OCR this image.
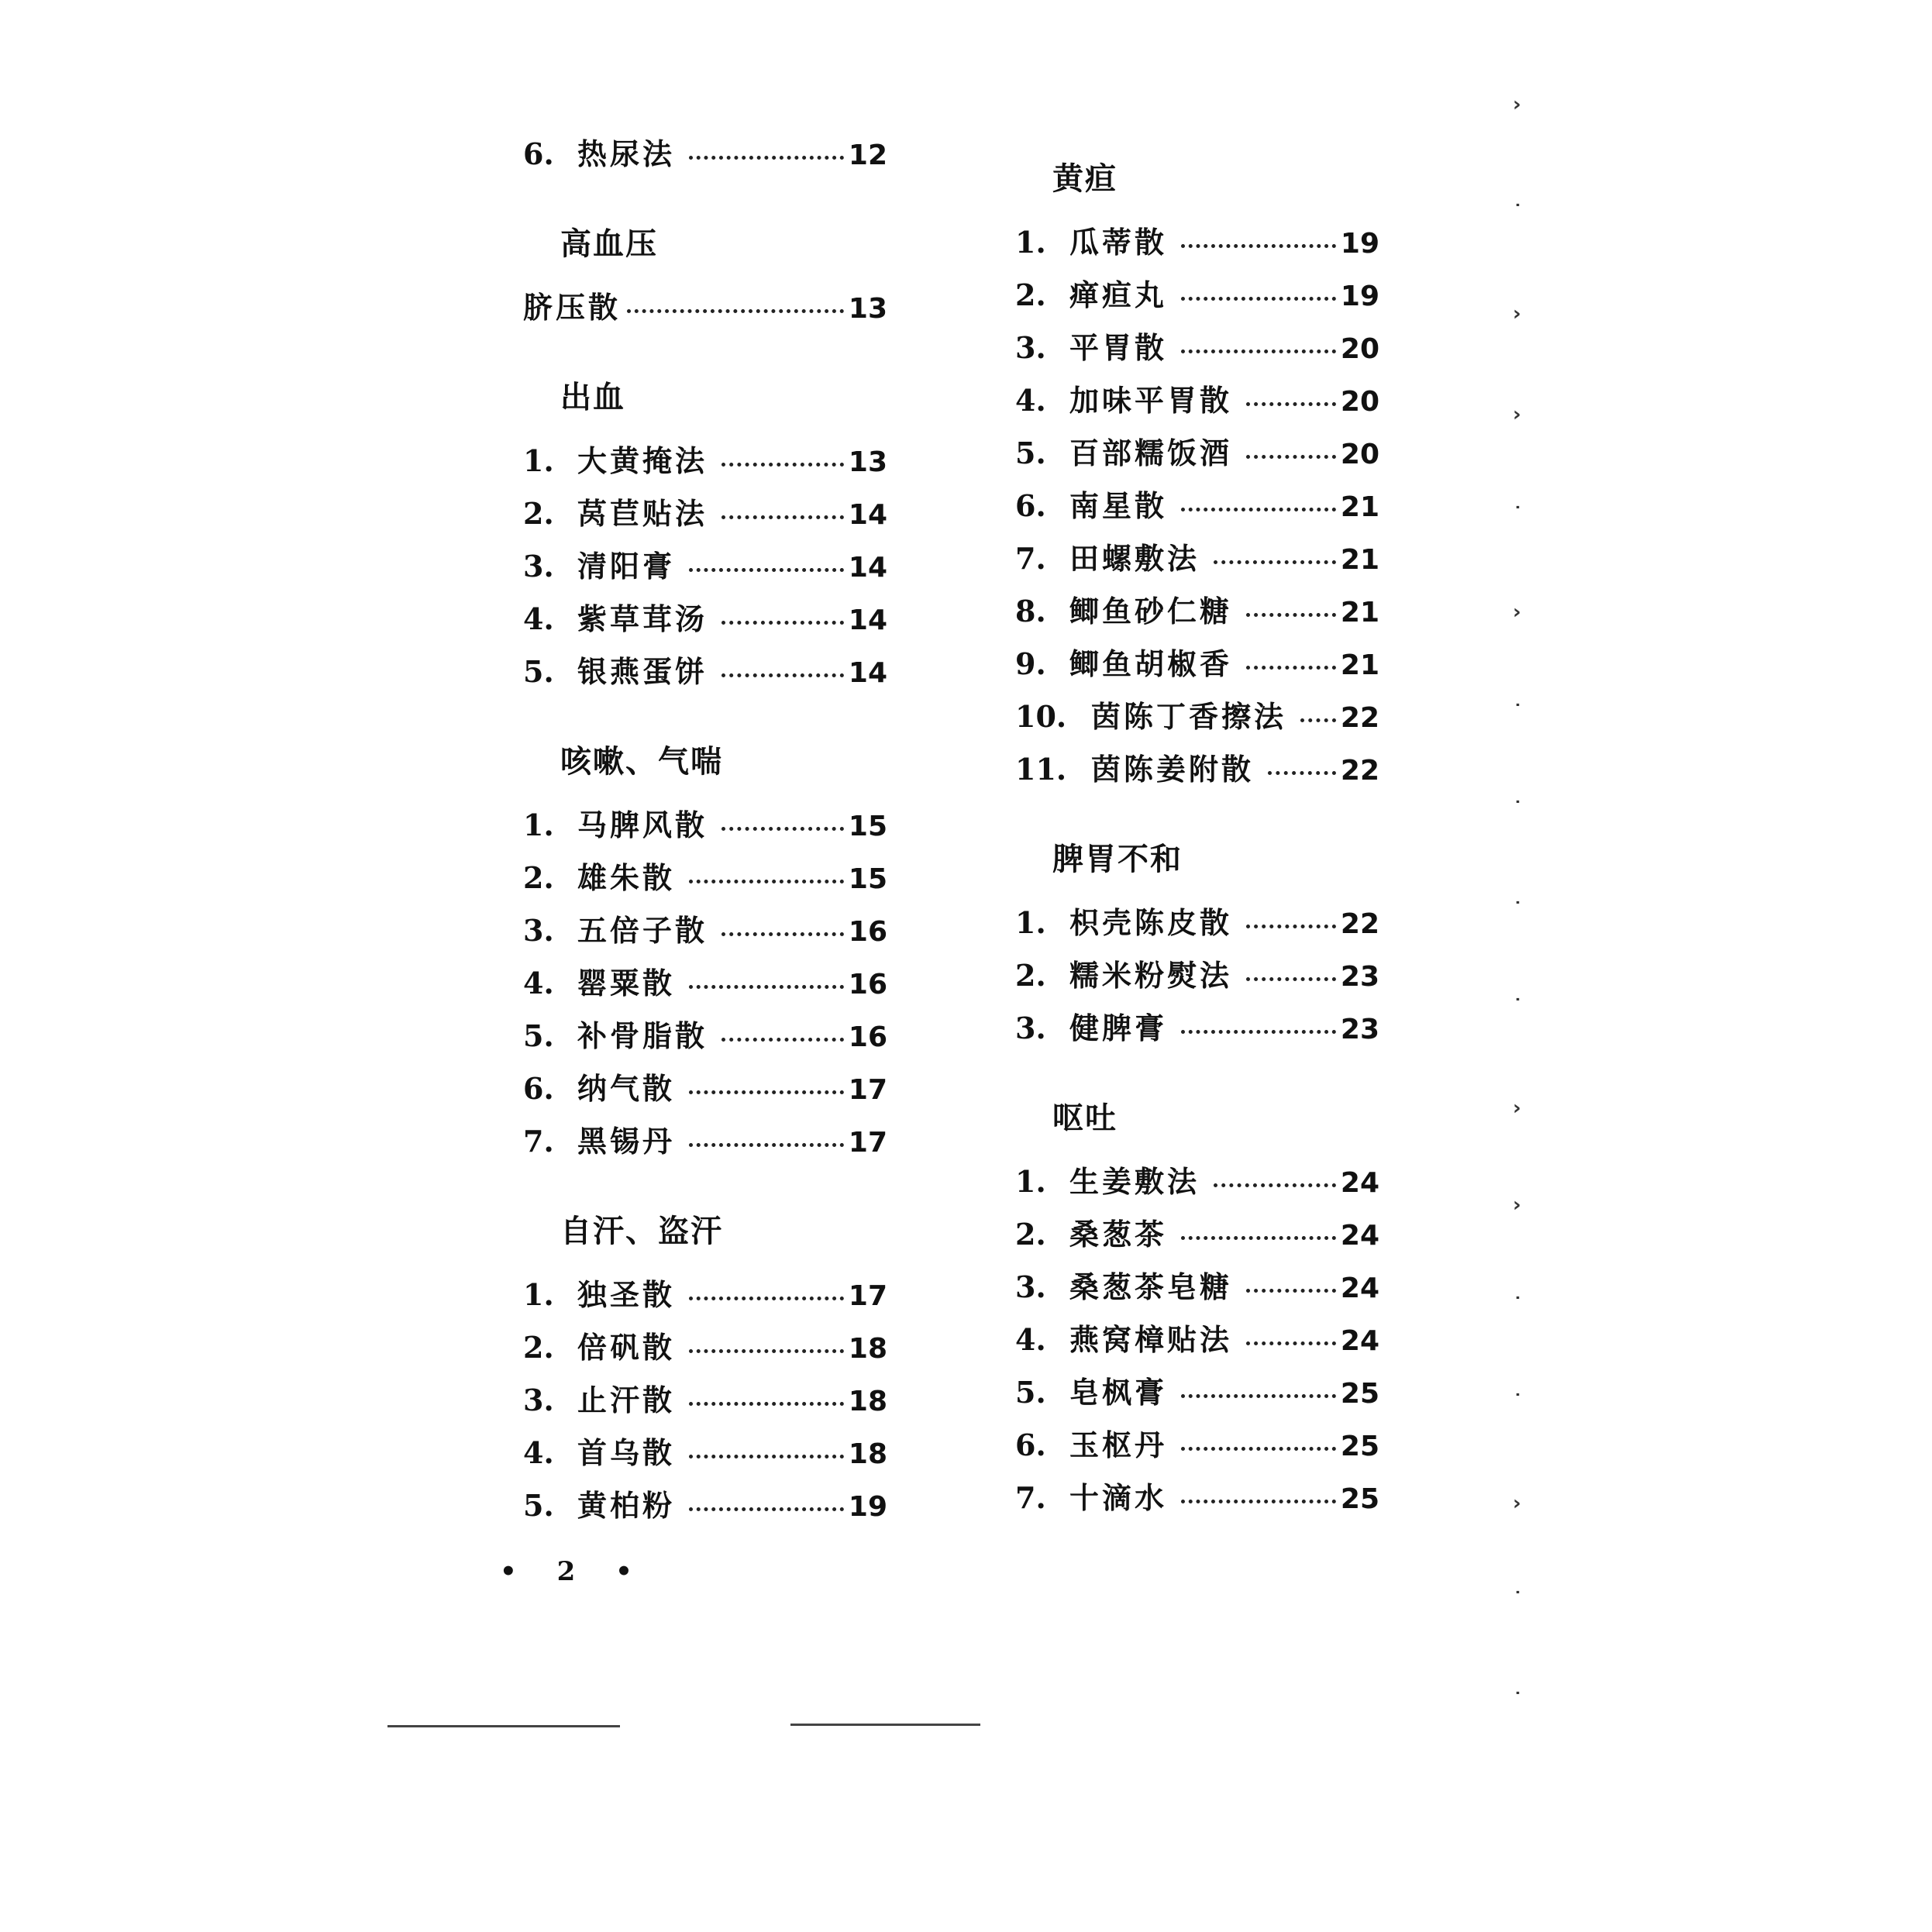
6. 热尿法	12
高血压
脐压散	13
出血
1. 大黄掩法	13
2. 莴苣贴法	14
3. 清阳膏	14
4. 紫草茸汤	14
5. 银燕蛋饼	14
咳嗽、气喘
1. 马脾风散	15
2. 雄朱散	15
3. 五倍子散	16
4. 罂粟散	16
5. 补骨脂散	16
6. 纳气散	17
7. 黑锡丹	17
自汗、盗汗
1. 独圣散	17
2. 倍矾散	18
3. 止汗散	18
4. 首乌散	18
5. 黄柏粉	19
黄疸
1. 瓜蒂散	19
2. 瘅疸丸	19
3. 平胃散	20
4. 加味平胃散	20
5. 百部糯饭酒	20
6. 南星散	21
7. 田螺敷法	21
8. 鲫鱼砂仁糖	21
9. 鲫鱼胡椒香	21
10. 茵陈丁香擦法	22
11. 茵陈姜附散	22
脾胃不和
1. 枳壳陈皮散	22
2. 糯米粉熨法	23
3. 健脾膏	23
呕吐
1. 生姜敷法	24
2. 桑葱茶	24
3. 桑葱茶皂糖	24
4. 燕窝樟贴法	24
5. 皂枫膏	25
6. 玉枢丹	25
7. 十滴水	25
• 2 •
›
˙
›
›
˙
›
˙
˙
˙
˙
›
›
˙
˙
›
˙
˙
